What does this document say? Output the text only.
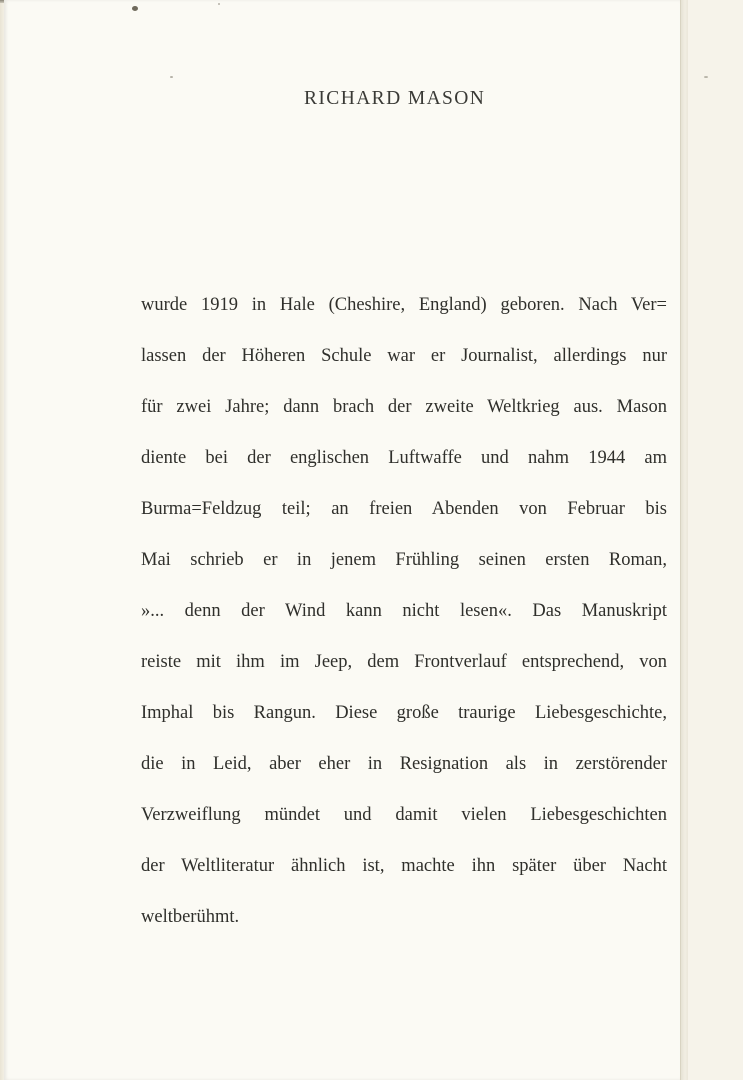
RICHARD MASON
wurde 1919 in Hale (Cheshire, England) geboren. Nach Ver=
lassen der Höheren Schule war er Journalist, allerdings nur
für zwei Jahre; dann brach der zweite Weltkrieg aus. Mason
diente bei der englischen Luftwaffe und nahm 1944 am
Burma=Feldzug teil; an freien Abenden von Februar bis
Mai schrieb er in jenem Frühling seinen ersten Roman,
»... denn der Wind kann nicht lesen«. Das Manuskript
reiste mit ihm im Jeep, dem Frontverlauf entsprechend, von
Imphal bis Rangun. Diese große traurige Liebesgeschichte,
die in Leid, aber eher in Resignation als in zerstörender
Verzweiflung mündet und damit vielen Liebesgeschichten
der Weltliteratur ähnlich ist, machte ihn später über Nacht
weltberühmt.
